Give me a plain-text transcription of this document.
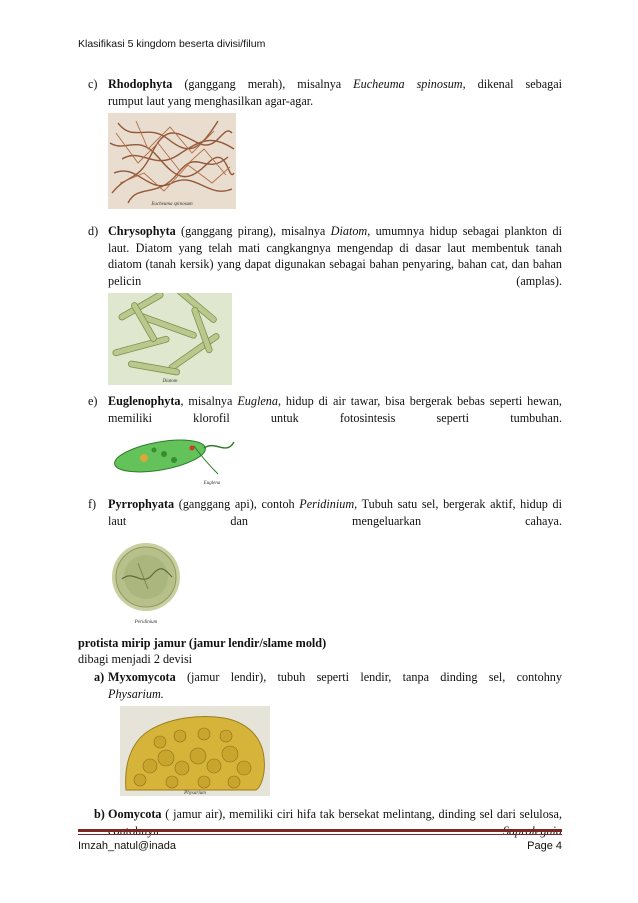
Klasifikasi 5 kingdom beserta divisi/filum
c) Rhodophyta (ganggang merah), misalnya Eucheuma spinosum, dikenal sebagai
rumput laut yang menghasilkan agar-agar.
Eucheuma spinosum
d) Chrysophyta (ganggang pirang), misalnya Diatom, umumnya hidup sebagai plankton di laut. Diatom yang telah mati cangkangnya mengendap di dasar laut membentuk tanah diatom (tanah kersik) yang dapat digunakan sebagai bahan penyaring, bahan cat, dan bahan pelicin (amplas).
Diatom
e) Euglenophyta, misalnya Euglena, hidup di air tawar, bisa bergerak bebas seperti hewan, memiliki klorofil untuk fotosintesis seperti tumbuhan.
Euglena
f) Pyrrophyata (ganggang api), contoh Peridinium, Tubuh satu sel, bergerak aktif, hidup di laut dan mengeluarkan cahaya.
Peridinium
protista mirip jamur (jamur lendir/slame mold)
dibagi menjadi 2 devisi
a) Myxomycota (jamur lendir), tubuh seperti lendir, tanpa dinding sel, contohny
Physarium.
Physarium
b) Oomycota ( jamur air), memiliki ciri hifa tak bersekat melintang, dinding sel dari selulosa,
Imzah_natul@inada	Page 4
